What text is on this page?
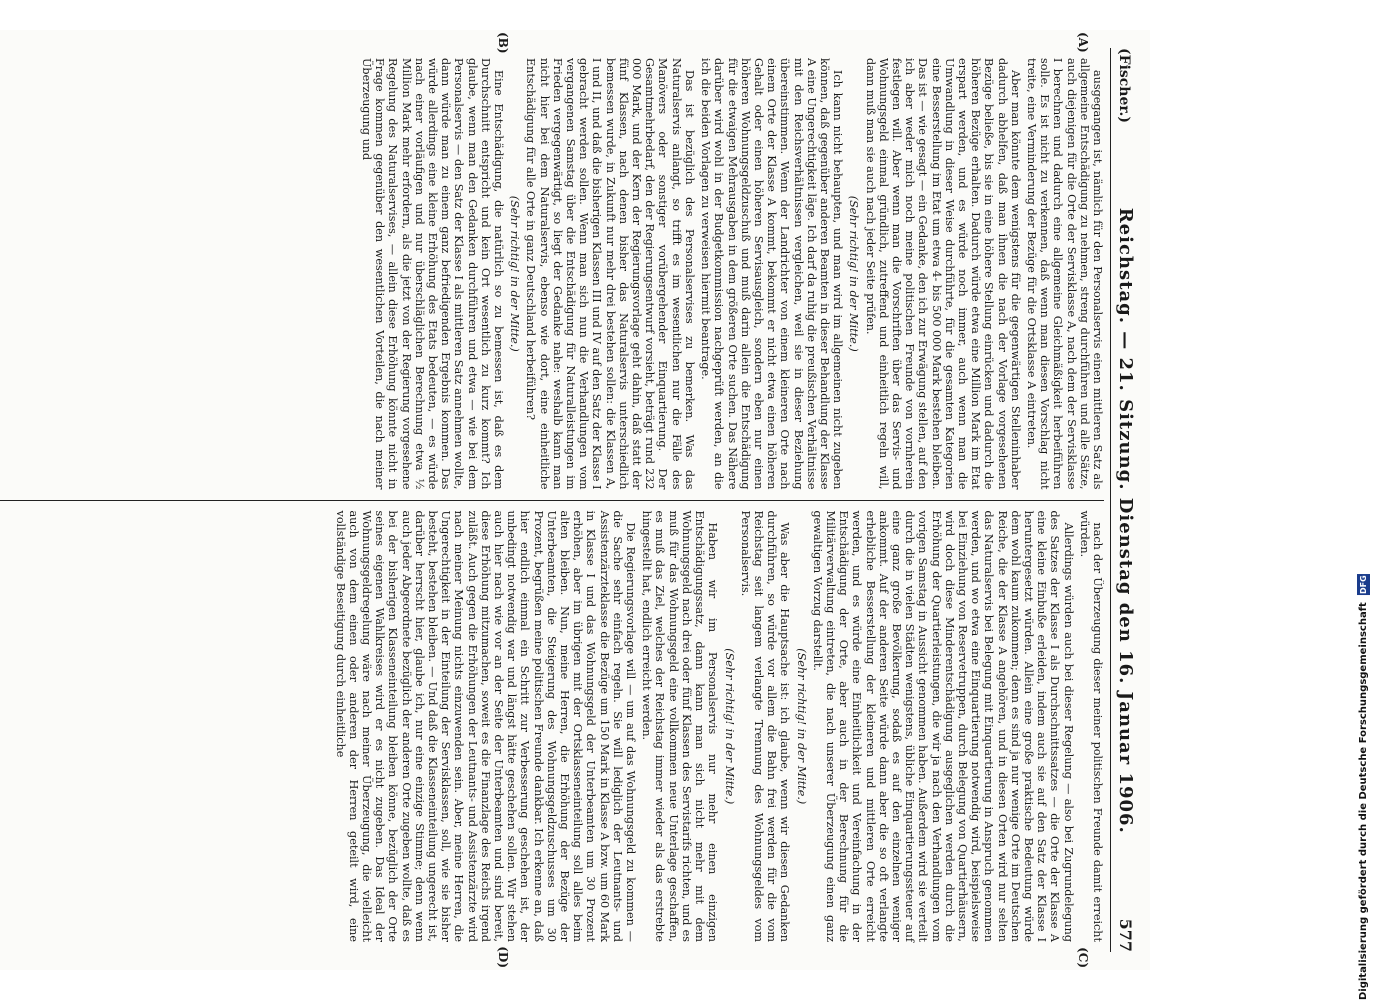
(Fischer.)
Reichstag. — 21. Sitzung. Dienstag den 16. Januar 1906.
577

ausgegangen ist, nämlich für den Personalservis einen mittleren Satz als allgemeine Entschädigung zu nehmen, streng durchführen und alle Sätze, auch diejenigen für die Orte der Servisklasse A, nach dem der Servisklasse I berechnen und dadurch eine allgemeine Gleichmäßigkeit herbeiführen solle. Es ist nicht zu verkennen, daß wenn man diesen Vorschlag nicht treite, eine Verminderung der Bezüge für die Ortsklasse A eintreten.

Aber man könnte dem wenigstens für die gegenwärtigen Stelleninhaber dadurch abhelfen, daß man ihnen die nach der Vorlage vorgesehenen Bezüge beließe, bis sie in eine höhere Stellung einrücken und dadurch die höheren Bezüge erhalten. Dadurch würde etwa eine Million Mark im Etat erspart werden, und es würde noch immer, auch wenn man die Umwandlung in dieser Weise durchführte, für die gesamten Kategorien eine Besserstellung im Etat um etwa 4- bis 500 000 Mark bestehen bleiben. Das ist — wie gesagt — ein Gedanke, den ich zur Erwägung stellen, auf den ich aber weder mich noch meine politischen Freunde von vornherein festlegen will. Aber wenn man die Vorschriften über das Servis- und Wohnungsgeld einmal gründlich, zutreffend und einheitlich regeln will, dann muß man sie auch nach jeder Seite prüfen.

(Sehr richtig! in der Mitte.)

Ich kann nicht behaupten, und man wird im allgemeinen nicht zugeben können, daß gegenüber anderen Beamten in dieser Behandlung der Klasse A eine Ungerechtigkeit läge. Ich darf da ruhig die preußischen Verhältnisse mit den Reichsverhältnissen vergleichen, weil sie in dieser Beziehung übereinstimmen. Wenn der Landrichter von einem kleineren Orte nach einem Orte der Klasse A kommt, bekommt er nicht etwa einen höheren Gehalt oder einen höheren Servisausgleich, sondern eben nur einen höheren Wohnungsgeldzuschuß und muß darin allein die Entschädigung für die etwaigen Mehrausgaben in dem größeren Orte suchen. Das Nähere darüber wird wohl in der Budgetkommission nachgeprüft werden, an die ich die beiden Vorlagen zu verweisen hiermit beantrage.

Das ist bezüglich des Personalservises zu bemerken. Was das Naturalservis anlangt, so trifft es im wesentlichen nur die Fälle des Manövers oder sonstiger vorübergehender Einquartierung. Der Gesamtmehrbedarf, den der Regierungsentwurf vorsieht, beträgt rund 232 000 Mark, und der Kern der Regierungsvorlage geht dahin, daß statt der fünf Klassen, nach denen bisher das Naturalservis unterschiedlich bemessen wurde, in Zukunft nur mehr drei bestehen sollen: die Klassen A, I und II, und daß die bisherigen Klassen III und IV auf den Satz der Klasse I gebracht werden sollen. Wenn man sich nun die Verhandlungen vom vergangenen Samstag über die Entschädigung für Naturalleistungen im Frieden vergegenwärtigt, so liegt der Gedanke nahe: weshalb kann man nicht hier bei dem Naturalservis, ebenso wie dort, eine einheitliche Entschädigung für alle Orte in ganz Deutschland herbeiführen?

(Sehr richtig! in der Mitte.)

Eine Entschädigung, die natürlich so zu bemessen ist, daß es dem Durchschnitt entspricht und kein Ort wesentlich zu kurz kommt? Ich glaube, wenn man den Gedanken durchführen und etwa — wie bei dem Personalservis — den Satz der Klasse I als mittleren Satz annehmen wollte, dann würde man zu einem ganz befriedigenden Ergebnis kommen. Das würde allerdings eine kleine Erhöhung des Etats bedeuten, — es würde nach einer vorläufigen und nur überschläglichen Berechnung etwa ½ Million Mark mehr erfordern, als die jetzt von der Regierung vorgesehene Regelung des Naturalservises, — allein diese Erhöhung könnte nicht in Frage kommen gegenüber den wesentlichen Vorteilen, die nach meiner Überzeugung und

nach der Überzeugung dieser meiner politischen Freunde damit erreicht würden.

Allerdings würden auch bei dieser Regelung — also bei Zugrundelegung des Satzes der Klasse I als Durchschnittssatzes — die Orte der Klasse A eine kleine Einbuße erleiden, indem auch sie auf den Satz der Klasse I heruntergesetzt würden. Allein eine große praktische Bedeutung würde dem wohl kaum zukommen; denn es sind ja nur wenige Orte im Deutschen Reiche, die der Klasse A angehören, und in diesen Orten wird nur selten das Naturalservis bei Belegung mit Einquartierung in Anspruch genommen werden, und wo etwa eine Einquartierung notwendig wird, beispielsweise bei Einziehung von Reservetruppen, durch Belegung von Quartierhäusern, wird doch diese Minderentschädigung ausgeglichen werden durch die Erhöhung der Quartierleistungen, die wir ja nach den Verhandlungen vom vorigen Samstag in Aussicht genommen haben. Außerdem wird sie verteilt durch die in vielen Städten wenigstens, übliche Einquartierungssteuer auf eine ganz große Bevölkerung, sodaß es auf den einzelnen weniger ankommt. Auf der anderen Seite würde dann aber die so oft verlangte erhebliche Besserstellung der kleineren und mittleren Orte erreicht werden, und es würde eine Einheitlichkeit und Vereinfachung in der Entschädigung der Orte, aber auch in der Berechnung für die Militärverwaltung eintreten, die nach unserer Überzeugung einen ganz gewaltigen Vorzug darstellt.

(Sehr richtig! in der Mitte.)

Was aber die Hauptsache ist: ich glaube, wenn wir diesen Gedanken durchführen, so würde vor allem die Bahn frei werden für die vom Reichstag seit langem verlangte Trennung des Wohnungsgeldes vom Personalservis.

(Sehr richtig! in der Mitte.)

Haben wir im Personalservis nur mehr einen einzigen Entschädigungssatz, dann kann man sich nicht mehr mit dem Wohnungsgeld nach drei oder fünf Klassen des Servistarifs richten, und es muß für das Wohnungsgeld eine vollkommen neue Unterlage geschaffen, es muß das Ziel, welches der Reichstag immer wieder als das erstrebte hingestellt hat, endlich erreicht werden.

Die Regierungsvorlage will — um auf das Wohnungsgeld zu kommen — die Sache sehr einfach regeln. Sie will lediglich der Leutnants- und Assistenzärzteklasse die Bezüge um 150 Mark in Klasse A bzw. um 60 Mark in Klasse I und das Wohnungsgeld der Unterbeamten um 30 Prozent erhöhen, aber im übrigen mit der Ortsklasseneinteilung soll alles beim alten bleiben. Nun, meine Herren, die Erhöhung der Bezüge der Unterbeamten, die Steigerung des Wohnungsgeldzuschusses um 30 Prozent, begrüßen meine politischen Freunde dankbar. Ich erkenne an, daß hier endlich einmal ein Schritt zur Verbesserung geschehen ist, der unbedingt notwendig war und längst hätte geschehen sollen. Wir stehen auch hier nach wie vor an der Seite der Unterbeamten und sind bereit, diese Erhöhung mitzumachen, soweit es die Finanzlage des Reichs irgend zuläßt. Auch gegen die Erhöhungen der Leutnants- und Assistenzärzte wird nach meiner Meinung nichts einzuwenden sein. Aber, meine Herren, die Ungerechtigkeit in der Einteilung der Servisklassen, soll, wie sie bisher besteht, bestehen bleiben. — Und daß die Klasseneinteilung ungerecht ist, darüber herrscht hier, glaube ich, nur eine einzige Stimme; denn wenn auch jeder Abgeordnete bezüglich der anderen Orte zugeben wollte, daß es bei der bisherigen Klasseneinteilung bleiben könne, bezüglich der Orte seines eigenen Wahlkreises wird er es nicht zugeben. Das Ideal der Wohnungsgeldregelung wäre nach meiner Überzeugung, die vielleicht auch von dem einen oder anderen der Herren geteilt wird, eine vollständige Beseitigung durch einheitliche

(A)
(B)
(C)
(D)	Digitalisierung gefördert durch die Deutsche Forschungsgemeinschaft DFG
